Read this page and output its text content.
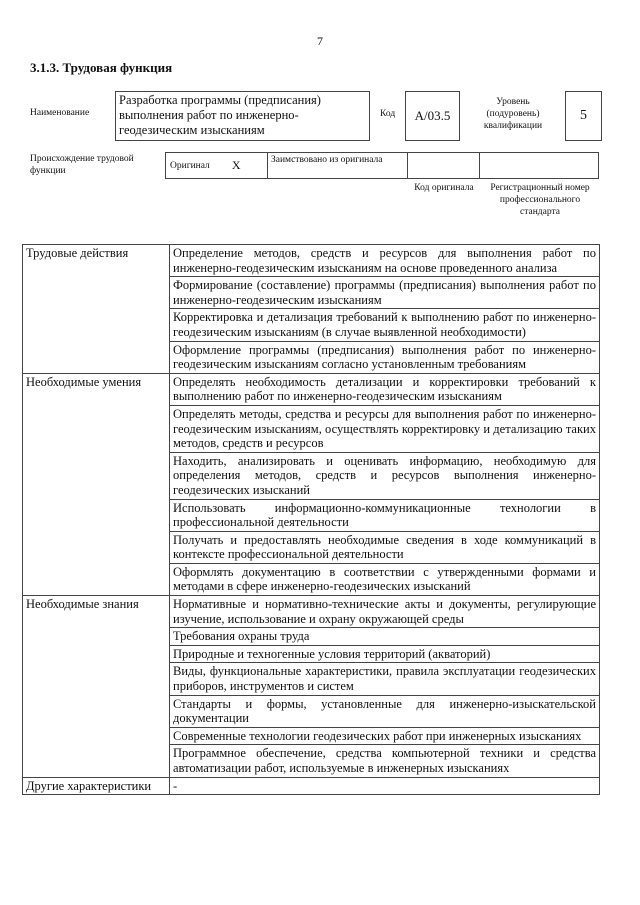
7
3.1.3. Трудовая функция
Наименование
Разработка программы (предписания) выполнения работ по инженерно-геодезическим изысканиям
Код	А/03.5
Уровень (подуровень) квалификации
5
Происхождение трудовой функции
Оригинал X	Заимствовано из оригинала
Код оригинала	Регистрационный номер профессионального стандарта
Трудовые действия	Определение методов, средств и ресурсов для выполнения работ по инженерно-геодезическим изысканиям на основе проведенного анализа
	Формирование (составление) программы (предписания) выполнения работ по инженерно-геодезическим изысканиям
	Корректировка и детализация требований к выполнению работ по инженерно-геодезическим изысканиям (в случае выявленной необходимости)
	Оформление программы (предписания) выполнения работ по инженерно-геодезическим изысканиям согласно установленным требованиям
Необходимые умения	Определять необходимость детализации и корректировки требований к выполнению работ по инженерно-геодезическим изысканиям
	Определять методы, средства и ресурсы для выполнения работ по инженерно-геодезическим изысканиям, осуществлять корректировку и детализацию таких методов, средств и ресурсов
	Находить, анализировать и оценивать информацию, необходимую для определения методов, средств и ресурсов выполнения инженерно-геодезических изысканий
	Использовать информационно-коммуникационные технологии в профессиональной деятельности
	Получать и предоставлять необходимые сведения в ходе коммуникаций в контексте профессиональной деятельности
	Оформлять документацию в соответствии с утвержденными формами и методами в сфере инженерно-геодезических изысканий
Необходимые знания	Нормативные и нормативно-технические акты и документы, регулирующие изучение, использование и охрану окружающей среды
	Требования охраны труда
	Природные и техногенные условия территорий (акваторий)
	Виды, функциональные характеристики, правила эксплуатации геодезических приборов, инструментов и систем
	Стандарты и формы, установленные для инженерно-изыскательской документации
	Современные технологии геодезических работ при инженерных изысканиях
	Программное обеспечение, средства компьютерной техники и средства автоматизации работ, используемые в инженерных изысканиях
Другие характеристики	-
